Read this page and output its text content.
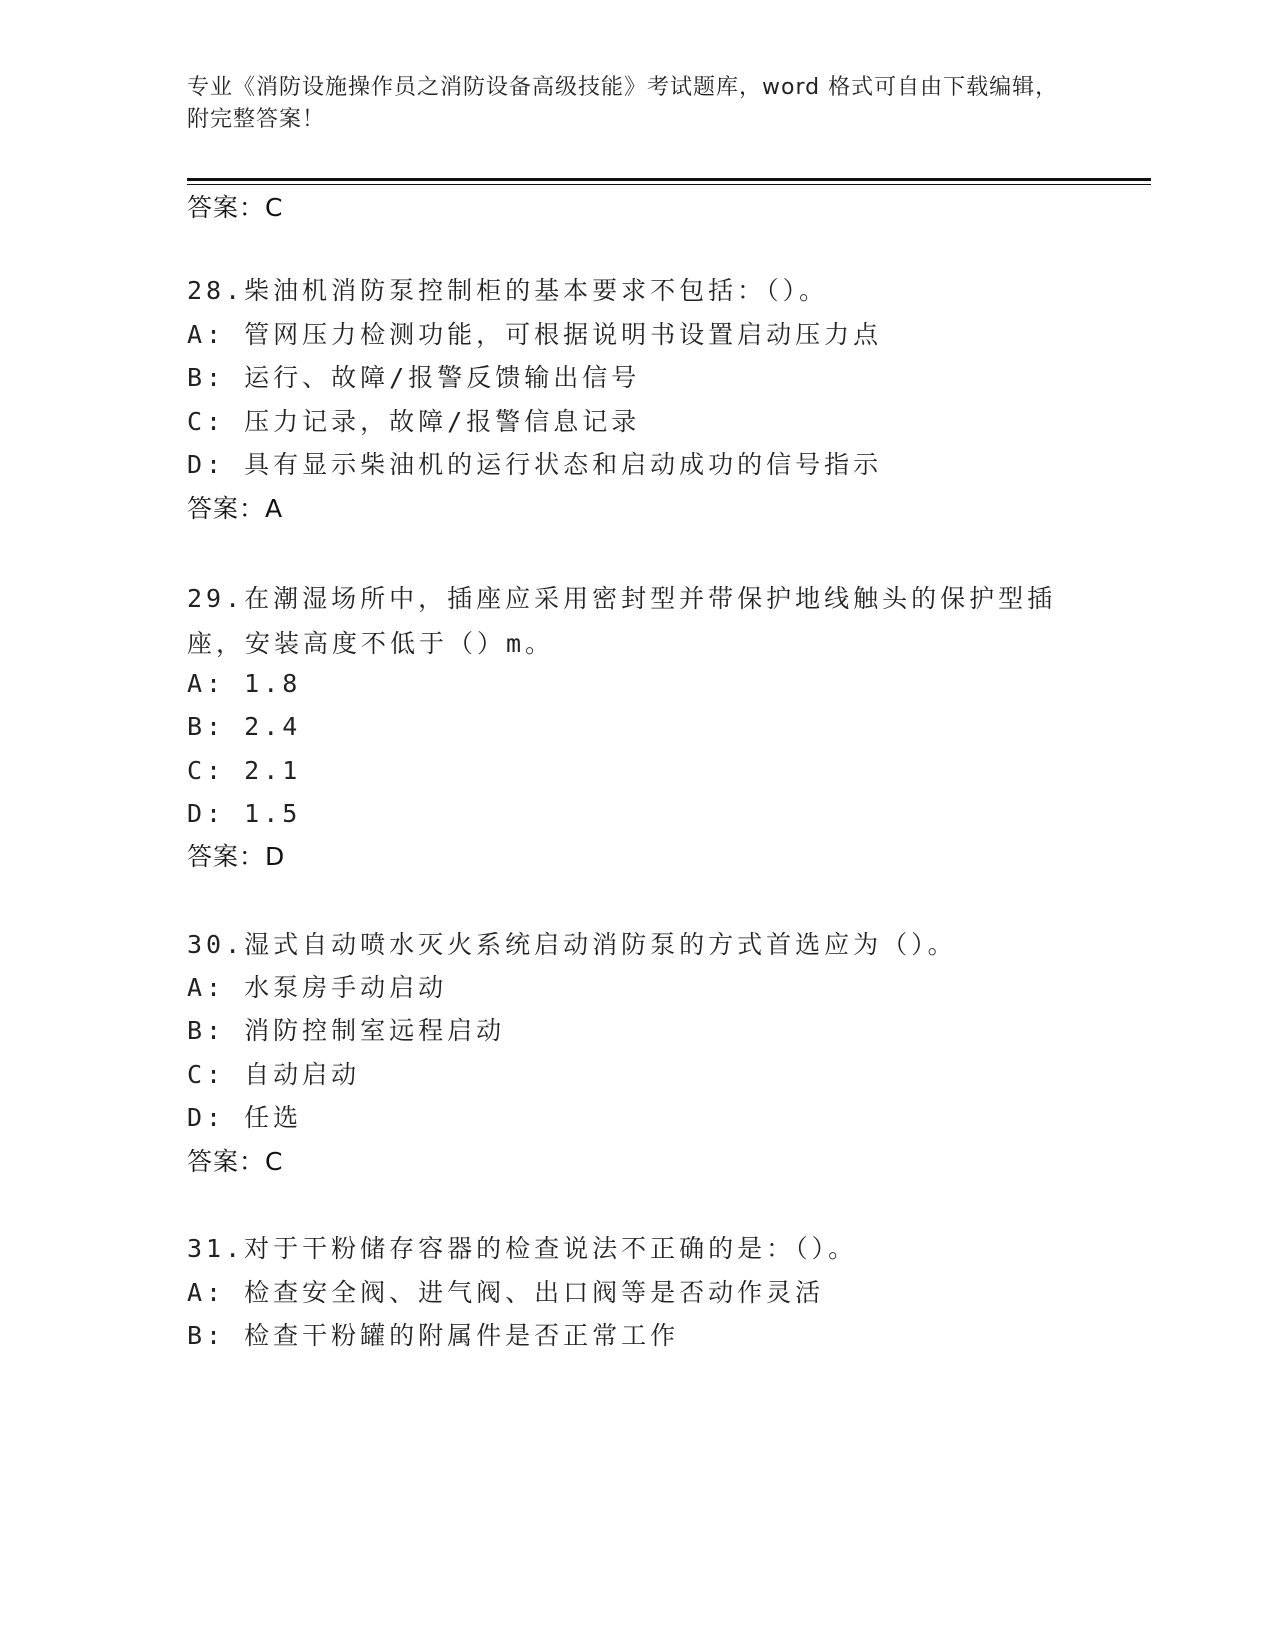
专业《消防设施操作员之消防设备高级技能》考试题库，word 格式可自由下载编辑，附完整答案！
答案：C
28.柴油机消防泵控制柜的基本要求不包括：（）。
A: 管网压力检测功能，可根据说明书设置启动压力点
B: 运行、故障/报警反馈输出信号
C: 压力记录，故障/报警信息记录
D: 具有显示柴油机的运行状态和启动成功的信号指示
答案：A
29.在潮湿场所中，插座应采用密封型并带保护地线触头的保护型插座，安装高度不低于（）m。
A: 1.8
B: 2.4
C: 2.1
D: 1.5
答案：D
30.湿式自动喷水灭火系统启动消防泵的方式首选应为（）。
A: 水泵房手动启动
B: 消防控制室远程启动
C: 自动启动
D: 任选
答案：C
31.对于干粉储存容器的检查说法不正确的是：（）。
A: 检查安全阀、进气阀、出口阀等是否动作灵活
B: 检查干粉罐的附属件是否正常工作
